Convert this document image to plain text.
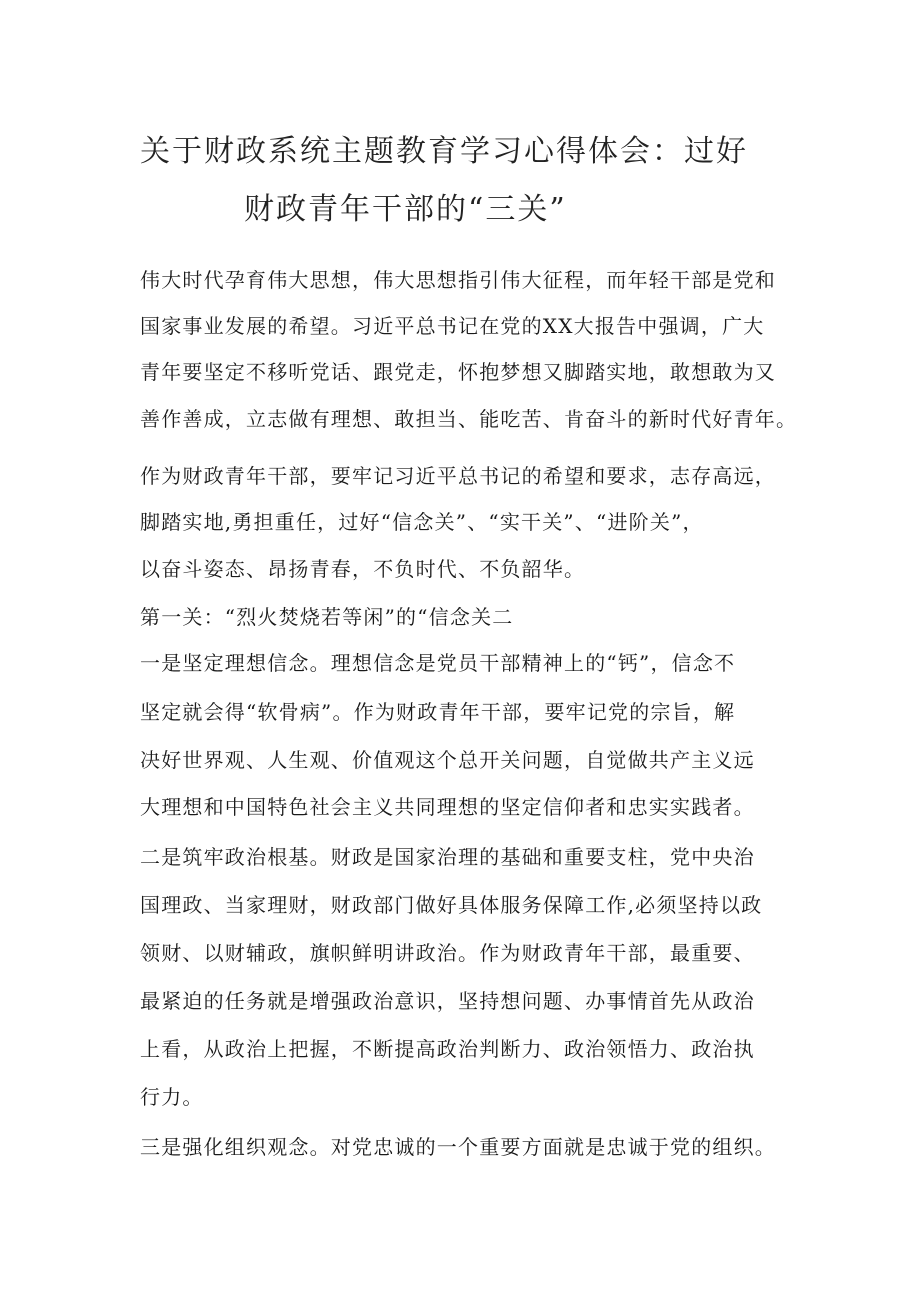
关于财政系统主题教育学习心得体会：过好
财政青年干部的“三关”
伟大时代孕育伟大思想，伟大思想指引伟大征程，而年轻干部是党和
国家事业发展的希望。习近平总书记在党的XX大报告中强调，广大
青年要坚定不移听党话、跟党走，怀抱梦想又脚踏实地，敢想敢为又
善作善成，立志做有理想、敢担当、能吃苦、肯奋斗的新时代好青年。
作为财政青年干部，要牢记习近平总书记的希望和要求，志存高远，
脚踏实地,勇担重任，过好“信念关”、“实干关”、“进阶关”，
以奋斗姿态、昂扬青春，不负时代、不负韶华。
第一关：“烈火焚烧若等闲”的“信念关二
一是坚定理想信念。理想信念是党员干部精神上的“钙”，信念不
坚定就会得“软骨病”。作为财政青年干部，要牢记党的宗旨，解
决好世界观、人生观、价值观这个总开关问题，自觉做共产主义远
大理想和中国特色社会主义共同理想的坚定信仰者和忠实实践者。
二是筑牢政治根基。财政是国家治理的基础和重要支柱，党中央治
国理政、当家理财，财政部门做好具体服务保障工作,必须坚持以政
领财、以财辅政，旗帜鲜明讲政治。作为财政青年干部，最重要、
最紧迫的任务就是增强政治意识，坚持想问题、办事情首先从政治
上看，从政治上把握，不断提高政治判断力、政治领悟力、政治执
行力。
三是强化组织观念。对党忠诚的一个重要方面就是忠诚于党的组织。
